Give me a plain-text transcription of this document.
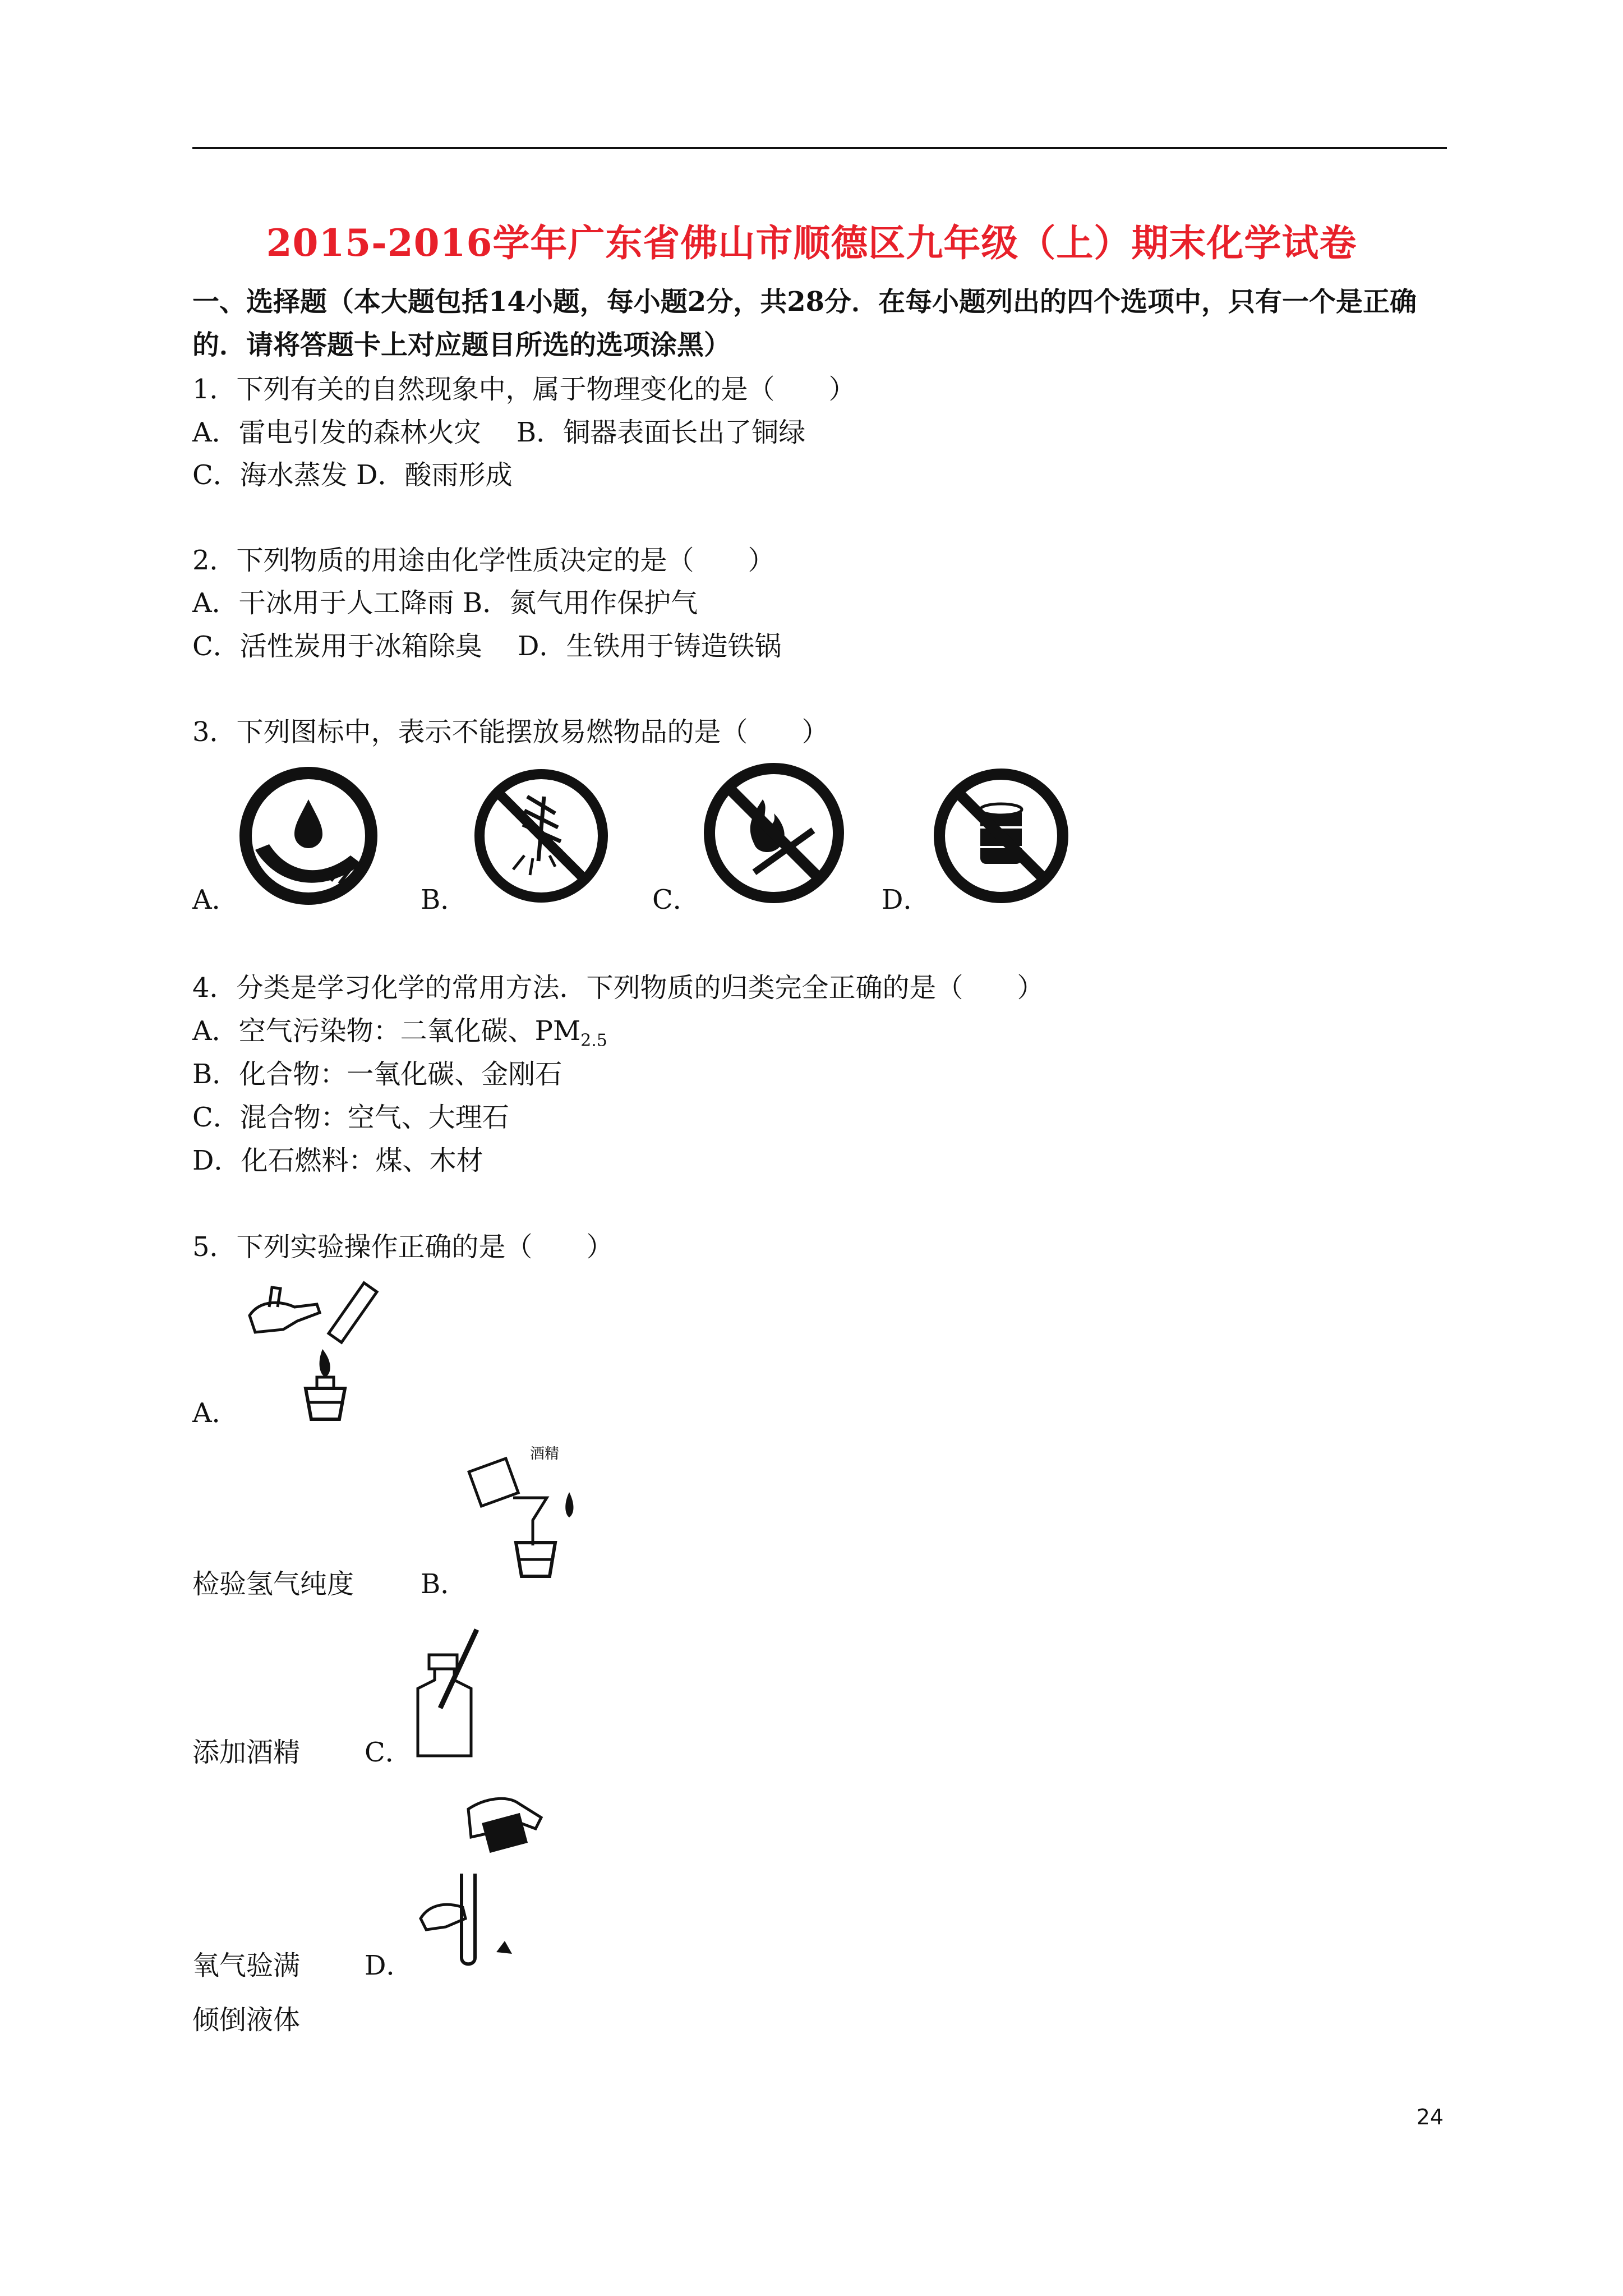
2015-2016学年广东省佛山市顺德区九年级（上）期末化学试卷
一、选择题（本大题包括14小题，每小题2分，共28分．在每小题列出的四个选项中，只有一个是正确的．请将答题卡上对应题目所选的选项涂黑）
1．下列有关的自然现象中，属于物理变化的是（　　）
A．雷电引发的森林火灾　 B．铜器表面长出了铜绿
C．海水蒸发 D．酸雨形成
2．下列物质的用途由化学性质决定的是（　　）
A．干冰用于人工降雨 B．氮气用作保护气
C．活性炭用于冰箱除臭　 D．生铁用于铸造铁锅
3．下列图标中，表示不能摆放易燃物品的是（　　）
A．	B．	C．	D．
4．分类是学习化学的常用方法．下列物质的归类完全正确的是（　　）
A．空气污染物：二氧化碳、$PM_{2.5}$
B．化合物：一氧化碳、金刚石
C．混合物：空气、大理石
D．化石燃料：煤、木材
5．下列实验操作正确的是（　　）
A．
酒精
检验氢气纯度 B．
添加酒精 C．
氧气验满 D．
倾倒液体
24
